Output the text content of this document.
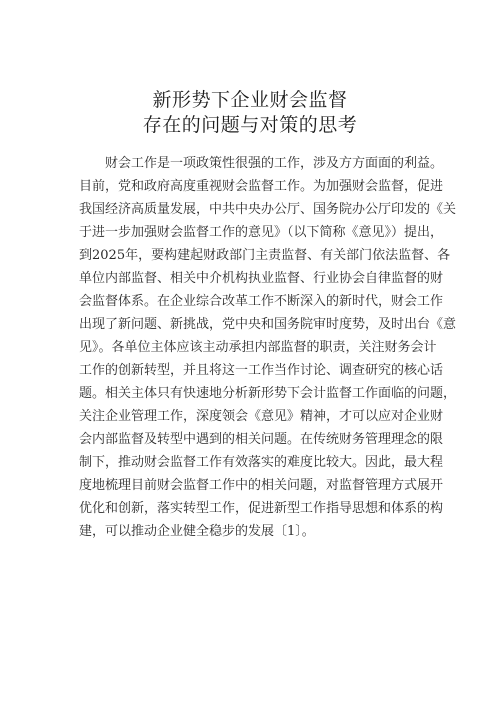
新形势下企业财会监督
存在的问题与对策的思考
财会工作是一项政策性很强的工作，涉及方方面面的利益。
目前，党和政府高度重视财会监督工作。为加强财会监督，促进
我国经济高质量发展，中共中央办公厅、国务院办公厅印发的《关
于进一步加强财会监督工作的意见》（以下简称《意见》）提出，
到2025年，要构建起财政部门主责监督、有关部门依法监督、各
单位内部监督、相关中介机构执业监督、行业协会自律监督的财
会监督体系。在企业综合改革工作不断深入的新时代，财会工作
出现了新问题、新挑战，党中央和国务院审时度势，及时出台《意
见》。各单位主体应该主动承担内部监督的职责，关注财务会计
工作的创新转型，并且将这一工作当作讨论、调查研究的核心话
题。相关主体只有快速地分析新形势下会计监督工作面临的问题，
关注企业管理工作，深度领会《意见》精神，才可以应对企业财
会内部监督及转型中遇到的相关问题。在传统财务管理理念的限
制下，推动财会监督工作有效落实的难度比较大。因此，最大程
度地梳理目前财会监督工作中的相关问题，对监督管理方式展开
优化和创新，落实转型工作，促进新型工作指导思想和体系的构
建，可以推动企业健全稳步的发展〔1〕。
